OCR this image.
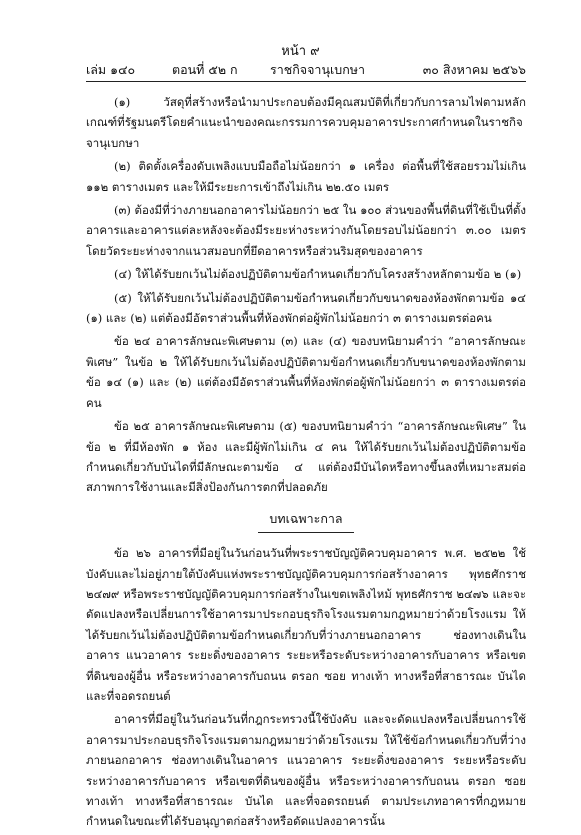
หน้า ๙
เล่ม ๑๔๐	ตอนที่ ๕๒ ก	ราชกิจจานุเบกษา	๓๐ สิงหาคม ๒๕๖๖

(๑) วัสดุที่สร้างหรือนำมาประกอบต้องมีคุณสมบัติที่เกี่ยวกับการลามไฟตามหลักเกณฑ์ที่รัฐมนตรีโดยคำแนะนำของคณะกรรมการควบคุมอาคารประกาศกำหนดในราชกิจจานุเบกษา

(๒) ติดตั้งเครื่องดับเพลิงแบบมือถือไม่น้อยกว่า ๑ เครื่อง ต่อพื้นที่ใช้สอยรวมไม่เกิน ๑๑๒ ตารางเมตร และให้มีระยะการเข้าถึงไม่เกิน ๒๒.๕๐ เมตร

(๓) ต้องมีที่ว่างภายนอกอาคารไม่น้อยกว่า ๒๕ ใน ๑๐๐ ส่วนของพื้นที่ดินที่ใช้เป็นที่ตั้งอาคารและอาคารแต่ละหลังจะต้องมีระยะห่างระหว่างกันโดยรอบไม่น้อยกว่า ๓.๐๐ เมตร โดยวัดระยะห่างจากแนวสมอบกที่ยึดอาคารหรือส่วนริมสุดของอาคาร

(๔) ให้ได้รับยกเว้นไม่ต้องปฏิบัติตามข้อกำหนดเกี่ยวกับโครงสร้างหลักตามข้อ ๒ (๑)

(๕) ให้ได้รับยกเว้นไม่ต้องปฏิบัติตามข้อกำหนดเกี่ยวกับขนาดของห้องพักตามข้อ ๑๔ (๑) และ (๒) แต่ต้องมีอัตราส่วนพื้นที่ห้องพักต่อผู้พักไม่น้อยกว่า ๓ ตารางเมตรต่อคน

ข้อ ๒๔ อาคารลักษณะพิเศษตาม (๓) และ (๔) ของบทนิยามคำว่า “อาคารลักษณะพิเศษ” ในข้อ ๒ ให้ได้รับยกเว้นไม่ต้องปฏิบัติตามข้อกำหนดเกี่ยวกับขนาดของห้องพักตามข้อ ๑๔ (๑) และ (๒) แต่ต้องมีอัตราส่วนพื้นที่ห้องพักต่อผู้พักไม่น้อยกว่า ๓ ตารางเมตรต่อคน

ข้อ ๒๕ อาคารลักษณะพิเศษตาม (๕) ของบทนิยามคำว่า “อาคารลักษณะพิเศษ” ในข้อ ๒ ที่มีห้องพัก ๑ ห้อง และมีผู้พักไม่เกิน ๔ คน ให้ได้รับยกเว้นไม่ต้องปฏิบัติตามข้อกำหนดเกี่ยวกับบันไดที่มีลักษณะตามข้อ ๔ แต่ต้องมีบันไดหรือทางขึ้นลงที่เหมาะสมต่อสภาพการใช้งานและมีสิ่งป้องกันการตกที่ปลอดภัย

บทเฉพาะกาล

ข้อ ๒๖ อาคารที่มีอยู่ในวันก่อนวันที่พระราชบัญญัติควบคุมอาคาร พ.ศ. ๒๕๒๒ ใช้บังคับและไม่อยู่ภายใต้บังคับแห่งพระราชบัญญัติควบคุมการก่อสร้างอาคาร พุทธศักราช ๒๔๗๙ หรือพระราชบัญญัติควบคุมการก่อสร้างในเขตเพลิงไหม้ พุทธศักราช ๒๔๗๖ และจะดัดแปลงหรือเปลี่ยนการใช้อาคารมาประกอบธุรกิจโรงแรมตามกฎหมายว่าด้วยโรงแรม ให้ได้รับยกเว้นไม่ต้องปฏิบัติตามข้อกำหนดเกี่ยวกับที่ว่างภายนอกอาคาร ช่องทางเดินในอาคาร แนวอาคาร ระยะดิ่งของอาคาร ระยะหรือระดับระหว่างอาคารกับอาคาร หรือเขตที่ดินของผู้อื่น หรือระหว่างอาคารกับถนน ตรอก ซอย ทางเท้า ทางหรือที่สาธารณะ บันได และที่จอดรถยนต์

อาคารที่มีอยู่ในวันก่อนวันที่กฎกระทรวงนี้ใช้บังคับ และจะดัดแปลงหรือเปลี่ยนการใช้อาคารมาประกอบธุรกิจโรงแรมตามกฎหมายว่าด้วยโรงแรม ให้ใช้ข้อกำหนดเกี่ยวกับที่ว่างภายนอกอาคาร ช่องทางเดินในอาคาร แนวอาคาร ระยะดิ่งของอาคาร ระยะหรือระดับระหว่างอาคารกับอาคาร หรือเขตที่ดินของผู้อื่น หรือระหว่างอาคารกับถนน ตรอก ซอย ทางเท้า ทางหรือที่สาธารณะ บันได และที่จอดรถยนต์ ตามประเภทอาคารที่กฎหมายกำหนดในขณะที่ได้รับอนุญาตก่อสร้างหรือดัดแปลงอาคารนั้น
